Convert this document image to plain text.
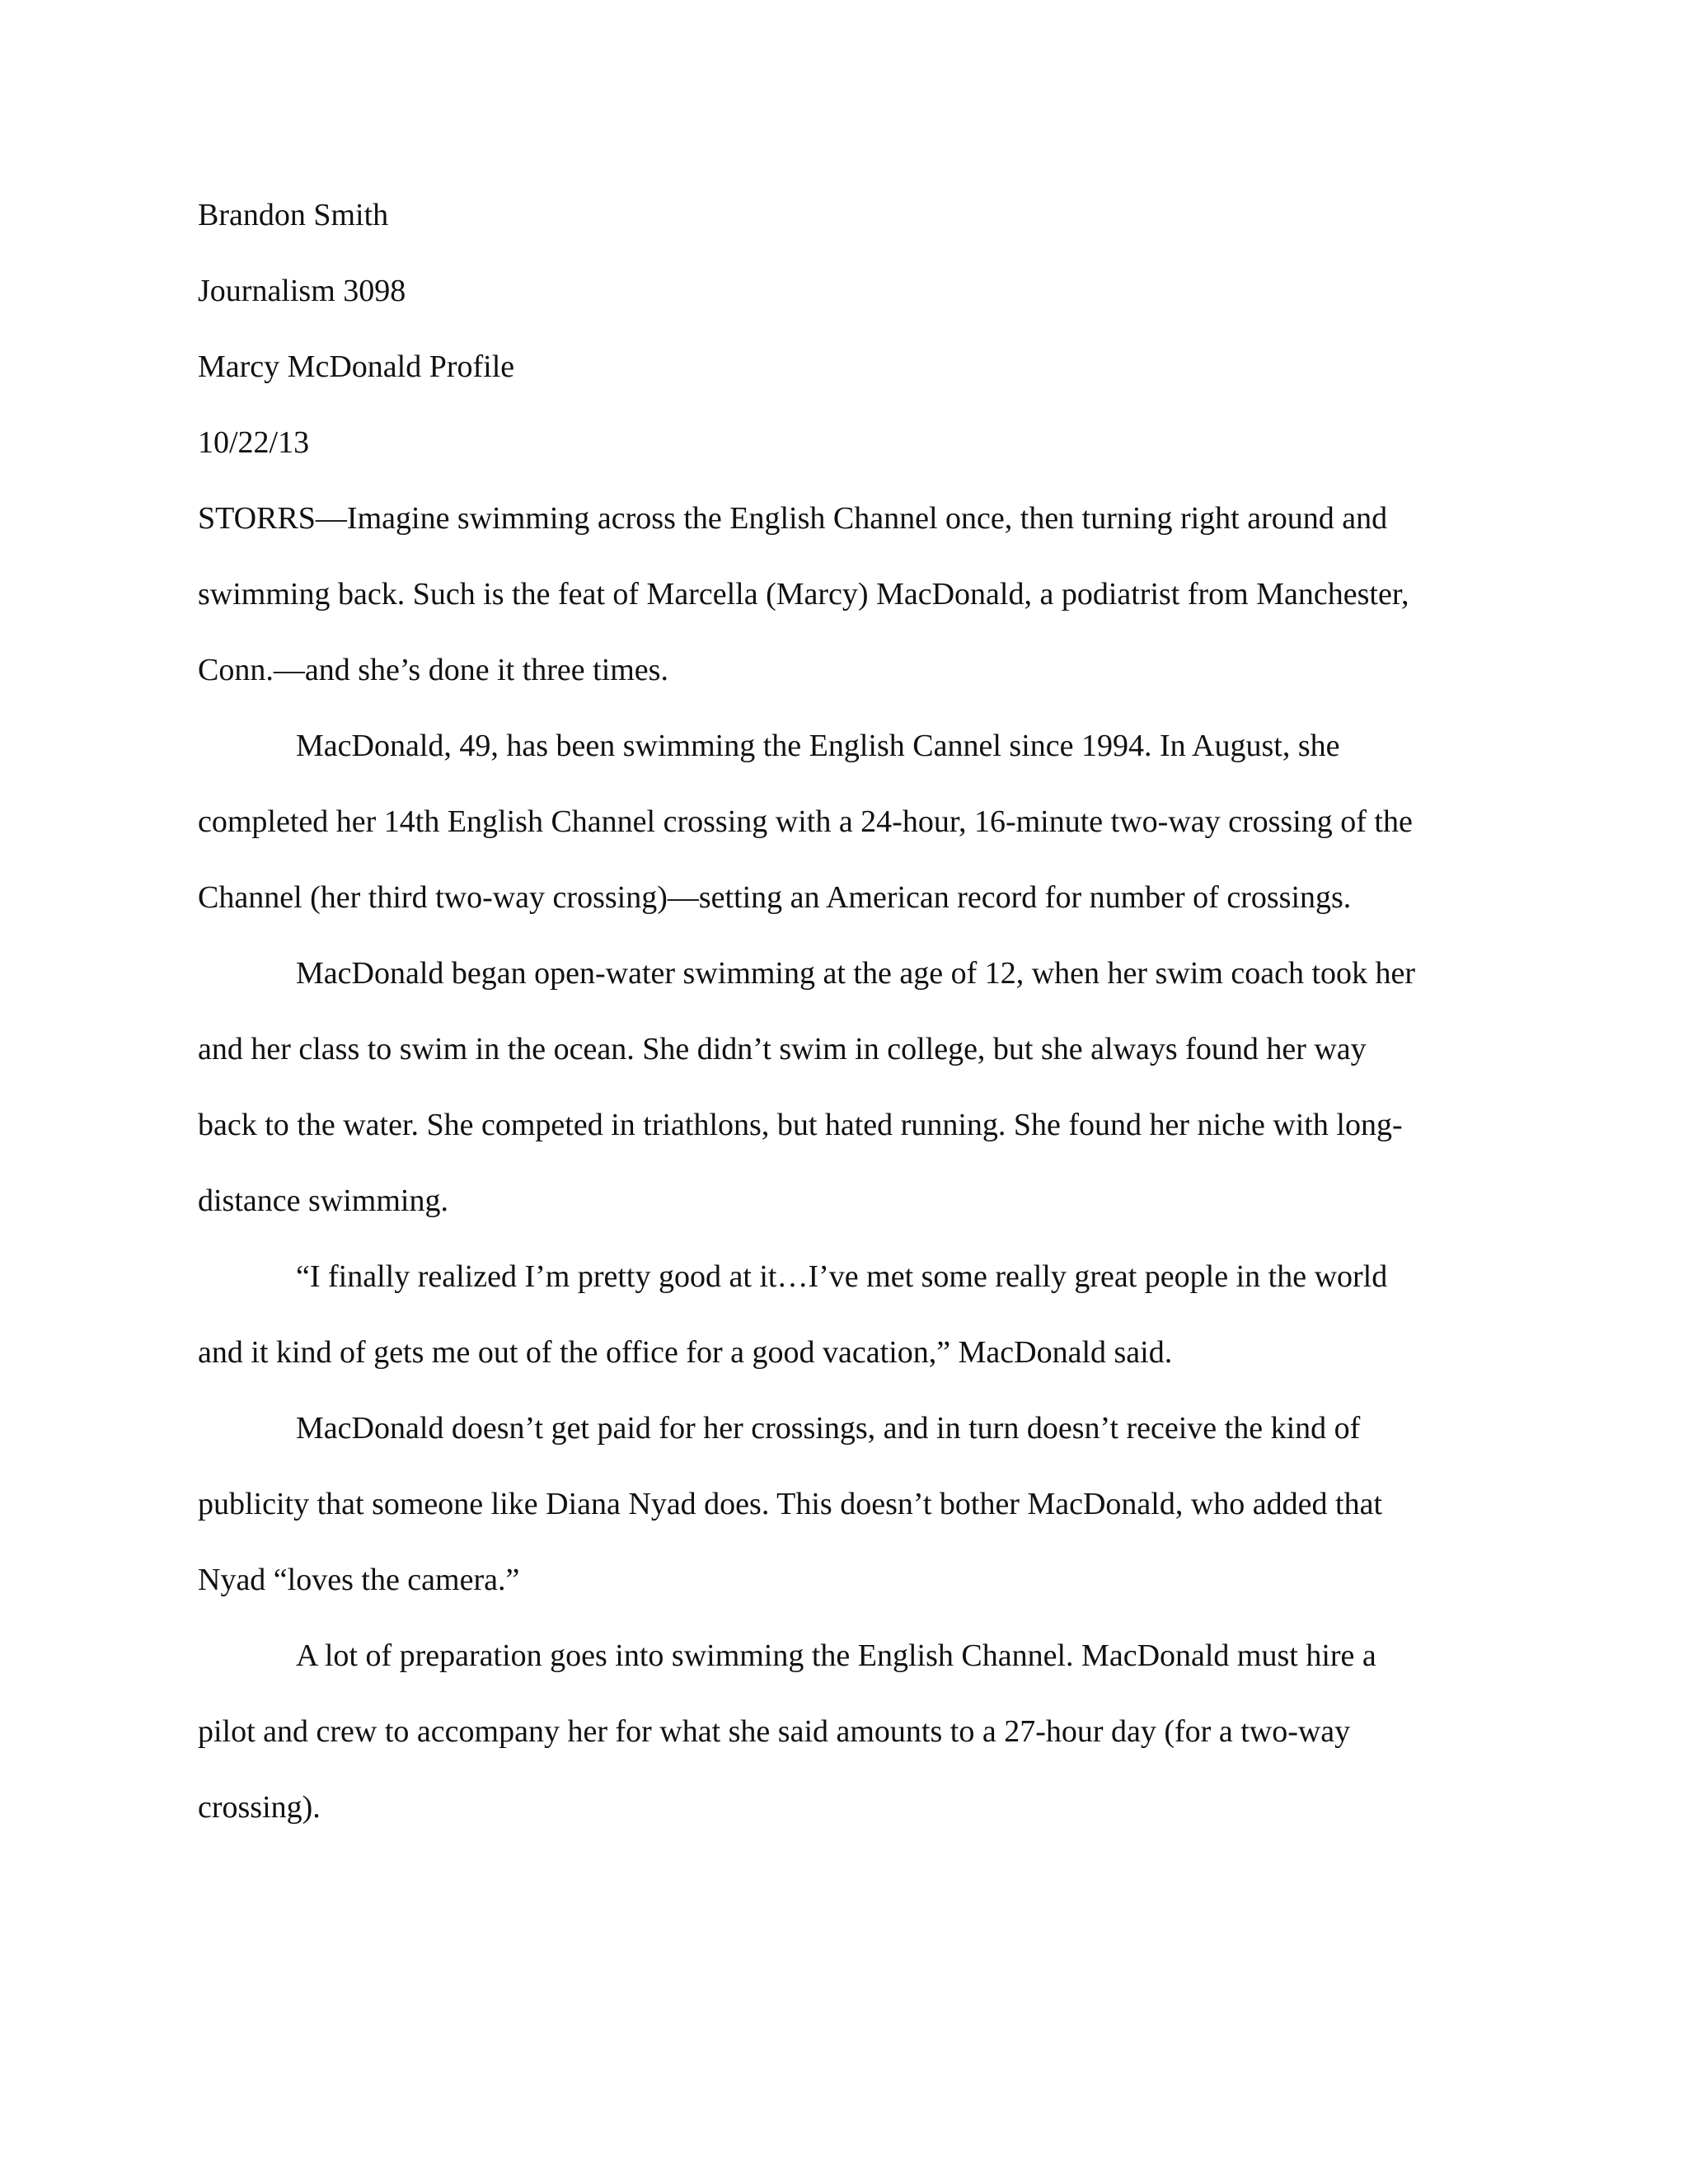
Brandon Smith
Journalism 3098
Marcy McDonald Profile
10/22/13
STORRS—Imagine swimming across the English Channel once, then turning right around and
swimming back. Such is the feat of Marcella (Marcy) MacDonald, a podiatrist from Manchester,
Conn.—and she’s done it three times.
MacDonald, 49, has been swimming the English Cannel since 1994. In August, she
completed her 14th English Channel crossing with a 24-hour, 16-minute two-way crossing of the
Channel (her third two-way crossing)—setting an American record for number of crossings.
MacDonald began open-water swimming at the age of 12, when her swim coach took her
and her class to swim in the ocean. She didn’t swim in college, but she always found her way
back to the water. She competed in triathlons, but hated running. She found her niche with long-
distance swimming.
“I finally realized I’m pretty good at it…I’ve met some really great people in the world
and it kind of gets me out of the office for a good vacation,” MacDonald said.
MacDonald doesn’t get paid for her crossings, and in turn doesn’t receive the kind of
publicity that someone like Diana Nyad does. This doesn’t bother MacDonald, who added that
Nyad “loves the camera.”
A lot of preparation goes into swimming the English Channel. MacDonald must hire a
pilot and crew to accompany her for what she said amounts to a 27-hour day (for a two-way
crossing).
